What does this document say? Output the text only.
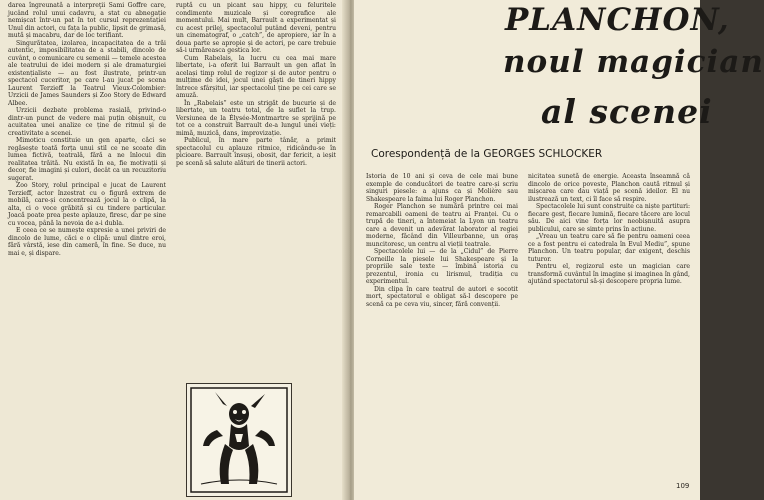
darea îngreunată a interpreţii Sami Goffre care, jucând rolul unui cadavru, a stat cu abnegație nemișcat într-un pat în tot cursul reprezentației Unul din actori, cu fața la public, lipsit de grimasă, mută și macabru, dar de loc terifiant.

Singurătatea, izolarea, incapacitatea de a trăi autentic, imposibilitatea de a stabili, dincolo de cuvânt, o comunicare cu semenii — temele acestea ale teatrului de idei modern și ale dramaturgiei existențialiste — au fost ilustrate, printr-un spectacol cuceritor, pe care l-au jucat pe scena Laurent Terzieff la Teatrul Vieux-Colombier: Urzicii de James Saunders și Zoo Story de Edward Albee.

Urzicii dezbate problema rasială, privind-o dintr-un punct de vedere mai puțin obișnuit, cu acuitatea unei analize ce ține de ritmul și de creativitate a scenei.

Mimoticu constituie un gen aparte, căci se regăsește toată forța unui stil ce ne scoate din lumea fictivă, teatrală, fără a ne înlocui din realitatea trăită. Nu există în ea, fie motivații și decor, fie imagini și culori, decât ca un recuzitoriu sugerat.

Zoo Story, rolul principal e jucat de Laurent Terzieff, actor înzestrat cu o figură extrem de mobilă, care-și concentrează jocul la o clipă, la alta, ci o voce grăbită și cu tindere particular. Joacă poate prea peste aplauze, firesc, dar pe sine cu vocea, până la nevoia de a-i dubla.

E ceea ce se numește expresie a unei priviri de dincolo de lume, căci e o clipă: unul dintre eroi, fără vârstă, iese din cameră, în fine. Se duce, nu mai e, și dispare.

ruptă cu un picant sau hippy, cu feluritele condimente muzicale și coregrafice ale momentului. Mai mult, Barrault a experimentat și cu acest prilej, spectacolul putând deveni, pentru un cinematograf, o „catch”, de apropiere, iar în a doua parte se apropie și de actori, pe care trebuie să-i urmăreasca gestica lor.

Cum Rabelais, la lucru cu cea mai mare libertate, i-a oferit lui Barrault un gen aflat în același timp rolul de regizor și de autor pentru o mulțime de idei, jocul unei găști de tineri hippy întrece sfârșitul, iar spectacolul ține pe cei care se amuză.

În „Rabelais” este un strigăt de bucurie și de libertate, un teatru total, de la suflet la trup. Versiunea de la Élysée-Montmartre se sprijină pe tot ce a construit Barrault de-a lungul unei vieți: mimă, muzică, dans, improvizație.

Publicul, în mare parte tânăr, a primit spectacolul cu aplauze ritmice, ridicându-se în picioare. Barrault însuși, obosit, dar fericit, a ieșit pe scenă să salute alături de tinerii actori.

PLANCHON,
noul magician
al scenei
Corespondență de la GEORGES SCHLOCKER

Istoria de 10 ani și ceva de cele mai bune exemple de conducători de teatre care-și scriu singuri piesele: a ajuns ca și Molière sau Shakespeare la faima lui Roger Planchon.

Roger Planchon se numără printre cei mai remarcabili oameni de teatru ai Franței. Cu o trupă de tineri, a întemeiat la Lyon un teatru care a devenit un adevărat laborator al regiei moderne, făcând din Villeurbanne, un oraș muncitoresc, un centru al vieții teatrale.

Spectacolele lui — de la „Cidul” de Pierre Corneille la piesele lui Shakespeare și la propriile sale texte — îmbină istoria cu prezentul, ironia cu lirismul, tradiția cu experimentul.

Din clipa în care teatrul de autori e socotit mort, spectatorul e obligat să-l descopere pe scenă ca pe ceva viu, sincer, fără convenții.

nicitatea sunetă de energie. Aceasta înseamnă că dincolo de orice poveste, Planchon caută ritmul și mișcarea care dau viață pe scenă ideilor. El nu ilustrează un text, ci îl face să respire.

Spectacolele lui sunt construite ca niște partituri: fiecare gest, fiecare lumină, fiecare tăcere are locul său. De aici vine forța lor neobișnuită asupra publicului, care se simte prins în acțiune.

„Vreau un teatru care să fie pentru oameni ceea ce a fost pentru ei catedrala în Evul Mediu”, spune Planchon. Un teatru popular, dar exigent, deschis tuturor.

Pentru el, regizorul este un magician care transformă cuvântul în imagine și imaginea în gând, ajutând spectatorul să-și descopere propria lume.

109
